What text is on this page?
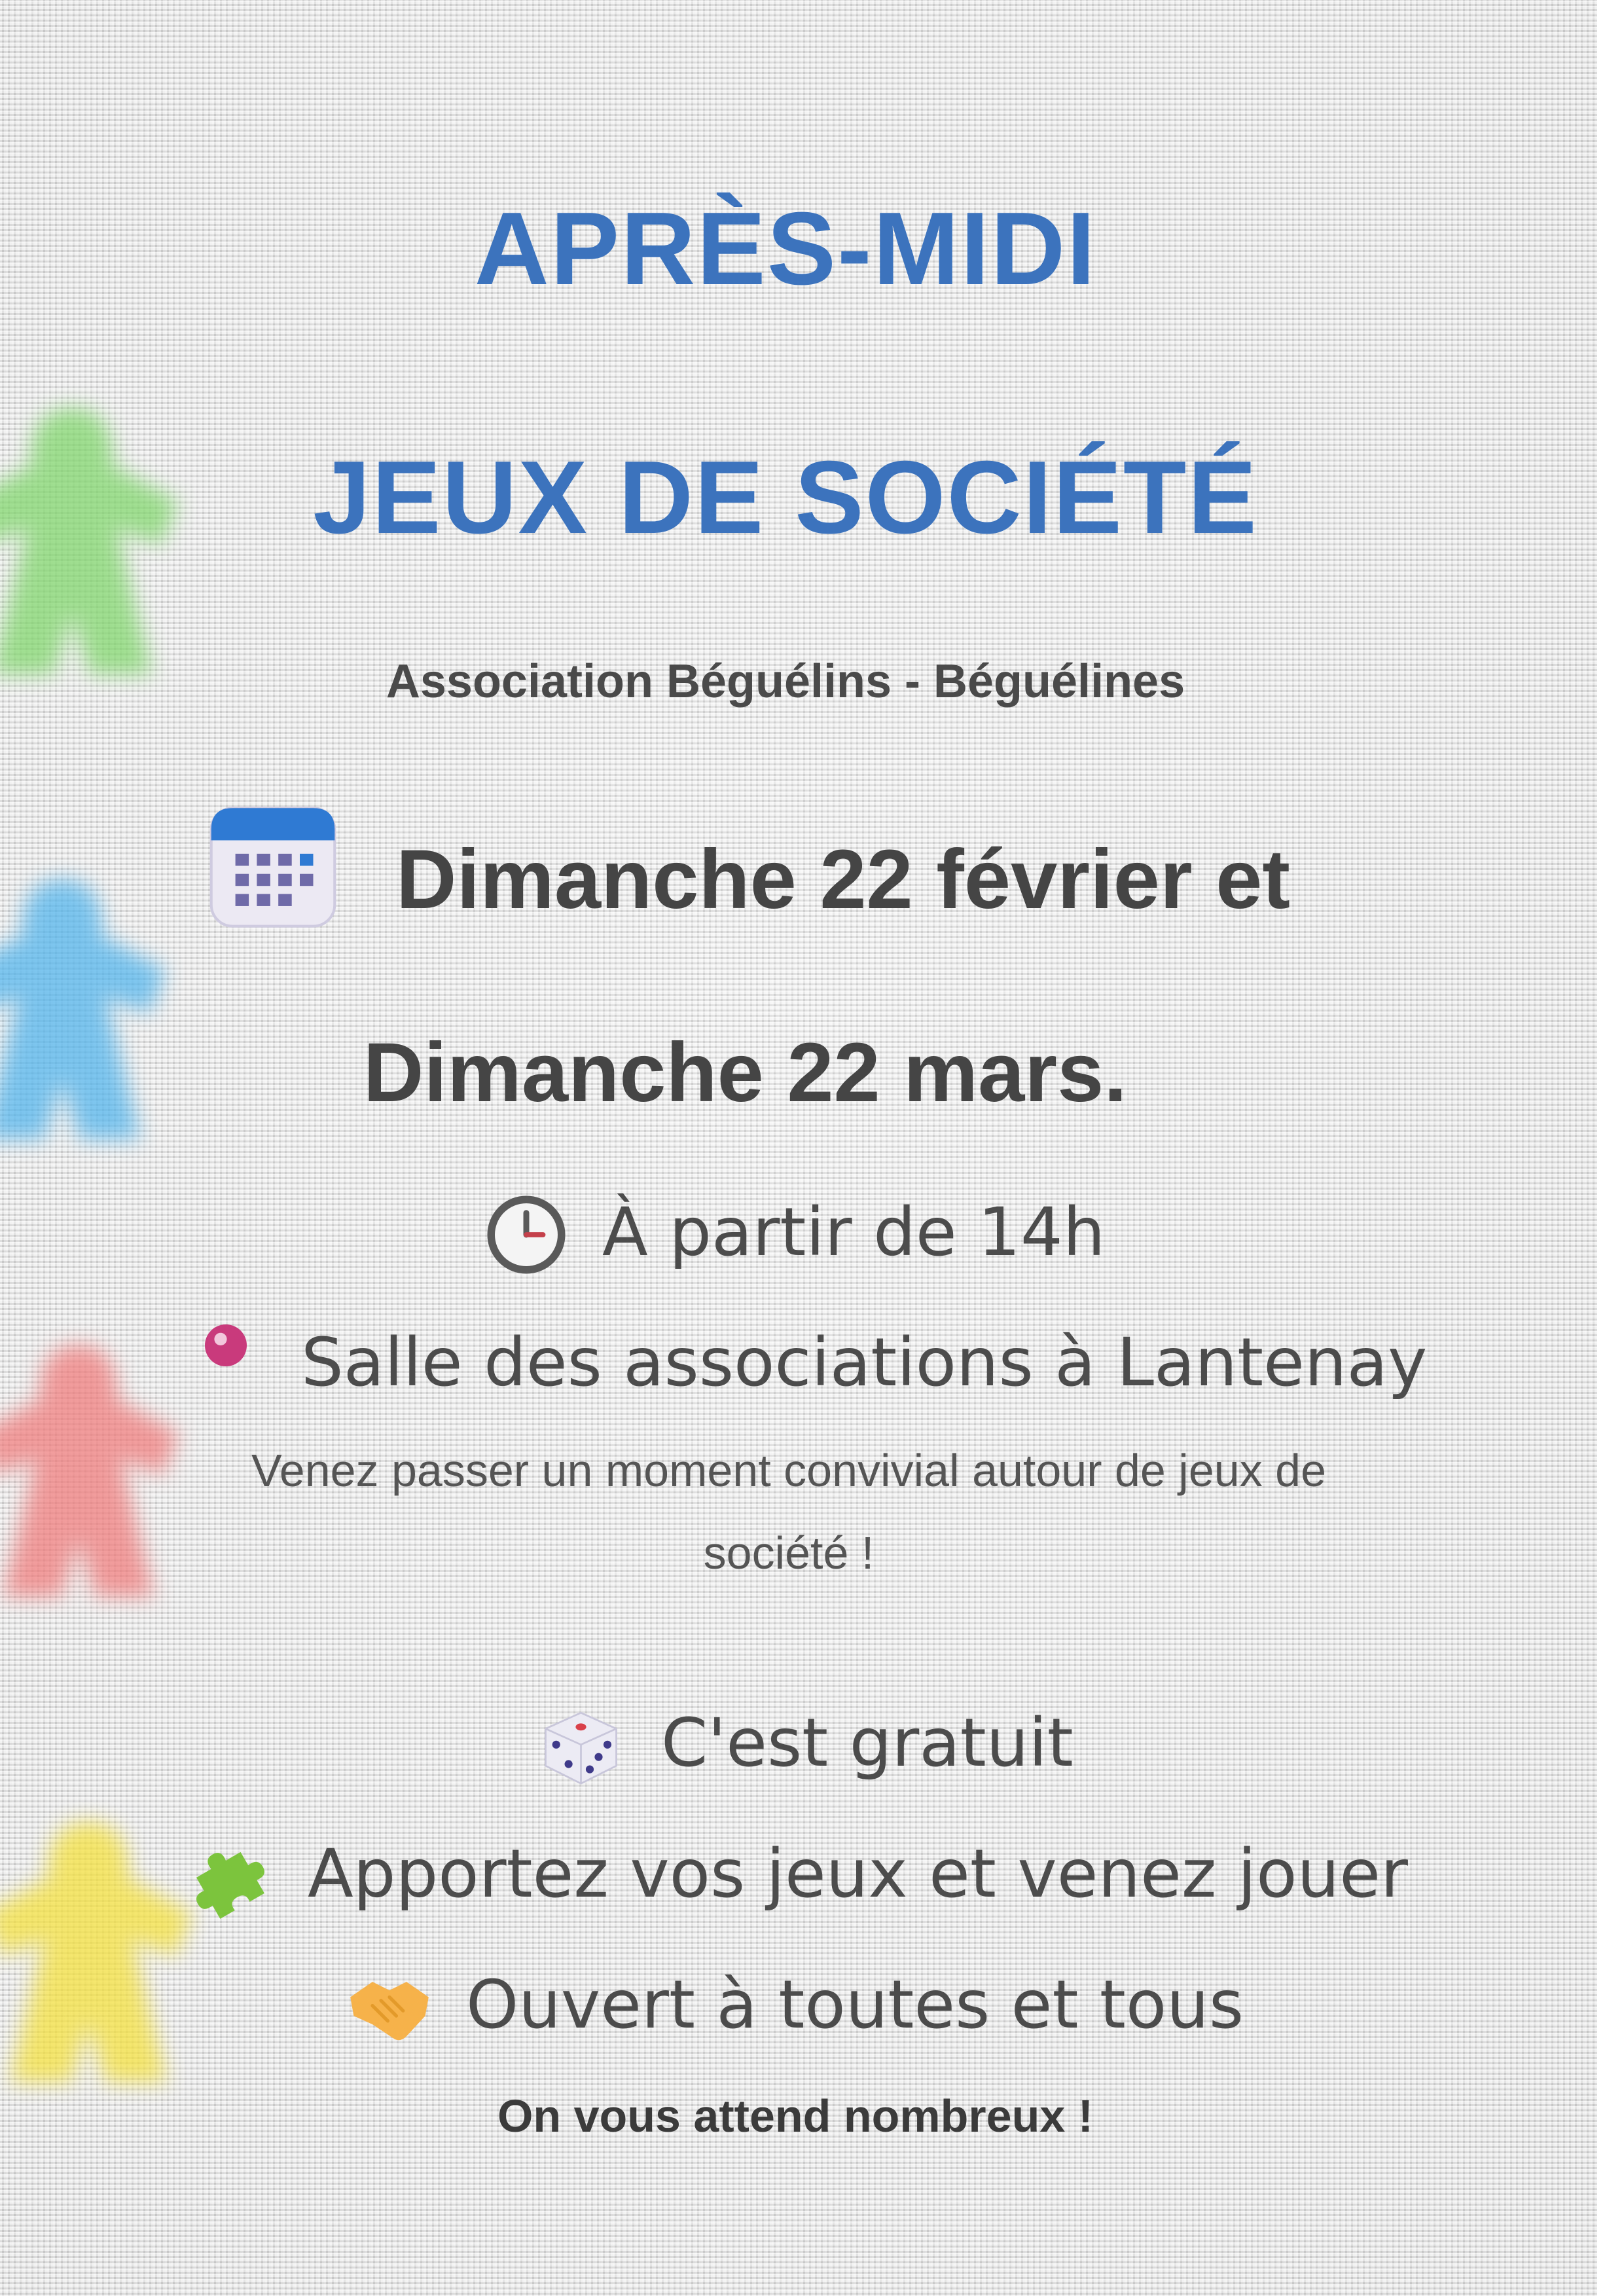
APRÈS-MIDI
JEUX DE SOCIÉTÉ
Association Béguélins - Béguélines
Dimanche 22 février et
Dimanche 22 mars.
À partir de 14h
Salle des associations à Lantenay
Venez passer un moment convivial autour de jeux de
société !
C'est gratuit
Apportez vos jeux et venez jouer
Ouvert à toutes et tous
On vous attend nombreux !
